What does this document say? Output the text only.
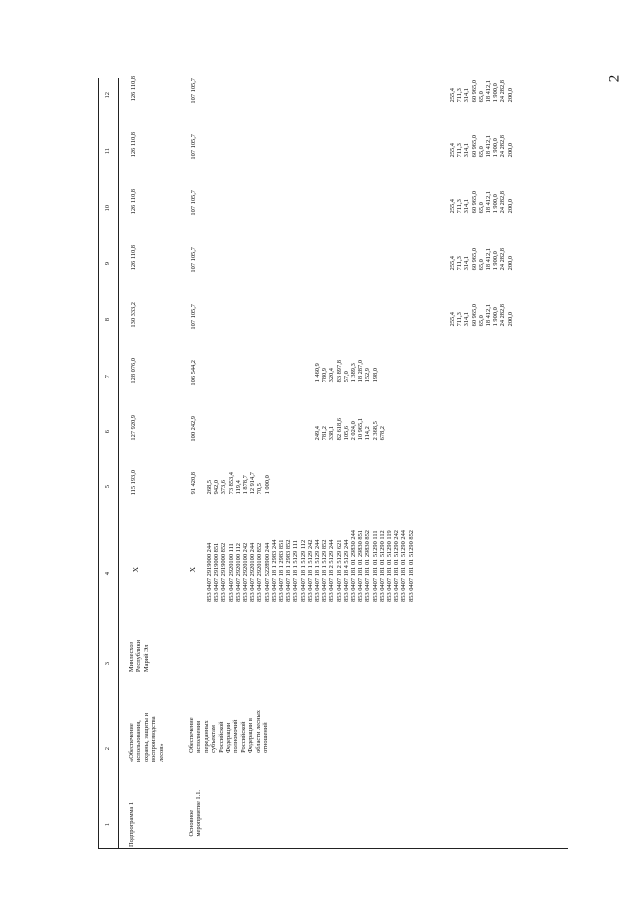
2
1
2
3
4
5
6
7
8
9
10
11
12
Подпрограмма 1
«Обеспечение использования, охраны, защиты и воспроизводства лесов»
Минлесхоз Республики Марий Эл
Х
115 193,0
127 920,9
128 076,0
130 333,2
126 110,8
126 110,8
126 110,8
126 110,8
Основное мероприятие 1.1.
Обеспечение исполнения переданных субъектам Российской Федерации полномочий Российской Федерации в области лесных отношений
Х
91 420,8
100 242,9
106 544,2
107 105,7
107 105,7
107 105,7
107 105,7
107 105,7
853 0407 2919000 244 853 0407 2919000 851 853 0407 2919000 852 853 0407 2920100 111 853 0407 2920100 112 853 0407 2920100 242 853 0407 2920100 244 853 0407 2920100 852 853 0407 5228900 244 853 0407 18 1 2983 244 853 0407 18 1 2983 851 853 0407 18 1 2983 852 853 0407 18 1 5129 111 853 0407 18 1 5129 112 853 0407 18 1 5129 242 853 0407 18 1 5129 244 853 0407 18 1 5129 852 853 0407 18 2 5129 244 853 0407 18 2 5129 621 853 0407 18 4 5129 244 853 0407 181 01 29830 244 853 0407 181 01 29830 851 853 0407 181 01 29830 852 853 0407 181 01 51290 111 853 0407 181 01 51290 112 853 0407 181 01 51290 119 853 0407 181 01 51290 242 853 0407 181 01 51290 244 853 0407 181 01 51290 852
268,5 942,0 373,6 73 853,4 119,4 1 878,7 12 914,7 70,5 1 000,0
249,4 781,2 338,1 82 618,6 105,6 2 024,0 10 965,1 114,2 2 368,5 678,2
1 460,9 780,9 320,4 83 897,8 57,0 1 389,3 18 287,0 152,9 198,0
255,4 711,3 314,1 60 965,0 65,0 18 412,1 1 900,0 24 282,8 200,0
255,4 711,3 314,1 60 965,0 65,0 18 412,1 1 900,0 24 282,8 200,0
255,4 711,3 314,1 60 965,0 65,0 18 412,1 1 900,0 24 282,8 200,0
255,4 711,3 314,1 60 965,0 65,0 18 412,1 1 900,0 24 282,8 200,0
255,4 711,3 314,1 60 965,0 65,0 18 412,1 1 900,0 24 282,8 200,0
